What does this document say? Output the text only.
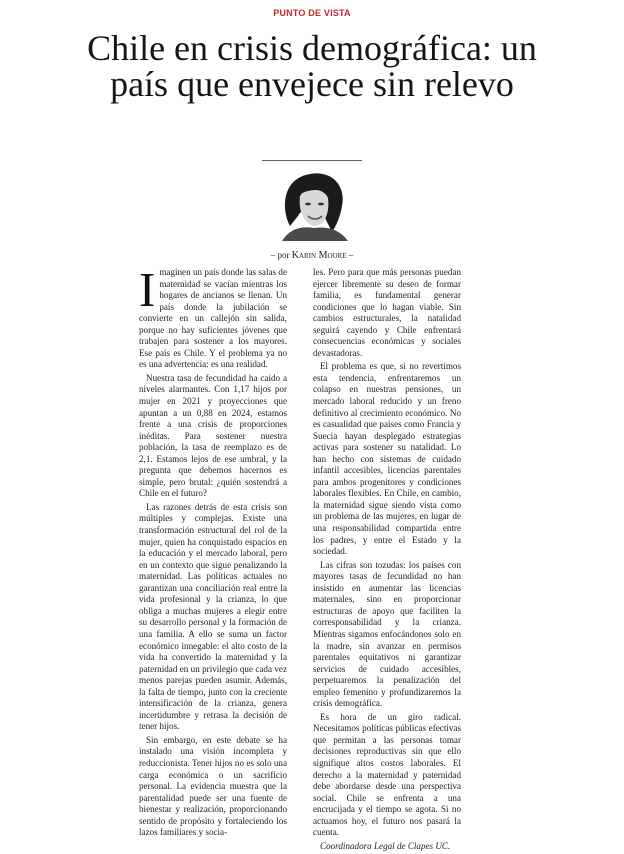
PUNTO DE VISTA
Chile en crisis demográfica: un país que envejece sin relevo
– por Karin Moore –

Imaginen un país donde las salas de maternidad se vacían mientras los hogares de ancianos se llenan. Un país donde la jubilación se convierte en un callejón sin salida, porque no hay suficientes jóvenes que trabajen para sostener a los mayores. Ese país es Chile. Y el problema ya no es una advertencia: es una realidad.

Nuestra tasa de fecundidad ha caído a niveles alarmantes. Con 1,17 hijos por mujer en 2021 y proyecciones que apuntan a un 0,88 en 2024, estamos frente a una crisis de proporciones inéditas. Para sostener nuestra población, la tasa de reemplazo es de 2,1. Estamos lejos de ese umbral, y la pregunta que debemos hacernos es simple, pero brutal: ¿quién sostendrá a Chile en el futuro?

Las razones detrás de esta crisis son múltiples y complejas. Existe una transformación estructural del rol de la mujer, quien ha conquistado espacios en la educación y el mercado laboral, pero en un contexto que sigue penalizando la maternidad. Las políticas actuales no garantizan una conciliación real entre la vida profesional y la crianza, lo que obliga a muchas mujeres a elegir entre su desarrollo personal y la formación de una familia. A ello se suma un factor económico innegable: el alto costo de la vida ha convertido la maternidad y la paternidad en un privilegio que cada vez menos parejas pueden asumir. Además, la falta de tiempo, junto con la creciente intensificación de la crianza, genera incertidumbre y retrasa la decisión de tener hijos.

Sin embargo, en este debate se ha instalado una visión incompleta y reduccionista. Tener hijos no es solo una carga económica o un sacrificio personal. La evidencia muestra que la parentalidad puede ser una fuente de bienestar y realización, proporcionando sentido de propósito y fortaleciendo los lazos familiares y socia-

les. Pero para que más personas puedan ejercer libremente su deseo de formar familia, es fundamental generar condiciones que lo hagan viable. Sin cambios estructurales, la natalidad seguirá cayendo y Chile enfrentará consecuencias económicas y sociales devastadoras.

El problema es que, si no revertimos esta tendencia, enfrentaremos un colapso en nuestras pensiones, un mercado laboral reducido y un freno definitivo al crecimiento económico. No es casualidad que países como Francia y Suecia hayan desplegado estrategias activas para sostener su natalidad. Lo han hecho con sistemas de cuidado infantil accesibles, licencias parentales para ambos progenitores y condiciones laborales flexibles. En Chile, en cambio, la maternidad sigue siendo vista como un problema de las mujeres, en lugar de una responsabilidad compartida entre los padres, y entre el Estado y la sociedad.

Las cifras son tozudas: los países con mayores tasas de fecundidad no han insistido en aumentar las licencias maternales, sino en proporcionar estructuras de apoyo que faciliten la corresponsabilidad y la crianza. Mientras sigamos enfocándonos solo en la madre, sin avanzar en permisos parentales equitativos ni garantizar servicios de cuidado accesibles, perpetuaremos la penalización del empleo femenino y profundizaremos la crisis demográfica.

Es hora de un giro radical. Necesitamos políticas públicas efectivas que permitan a las personas tomar decisiones reproductivas sin que ello signifique altos costos laborales. El derecho a la maternidad y paternidad debe abordarse desde una perspectiva social. Chile se enfrenta a una encrucijada y el tiempo se agota. Si no actuamos hoy, el futuro nos pasará la cuenta.

Coordinadora Legal de Clapes UC.
